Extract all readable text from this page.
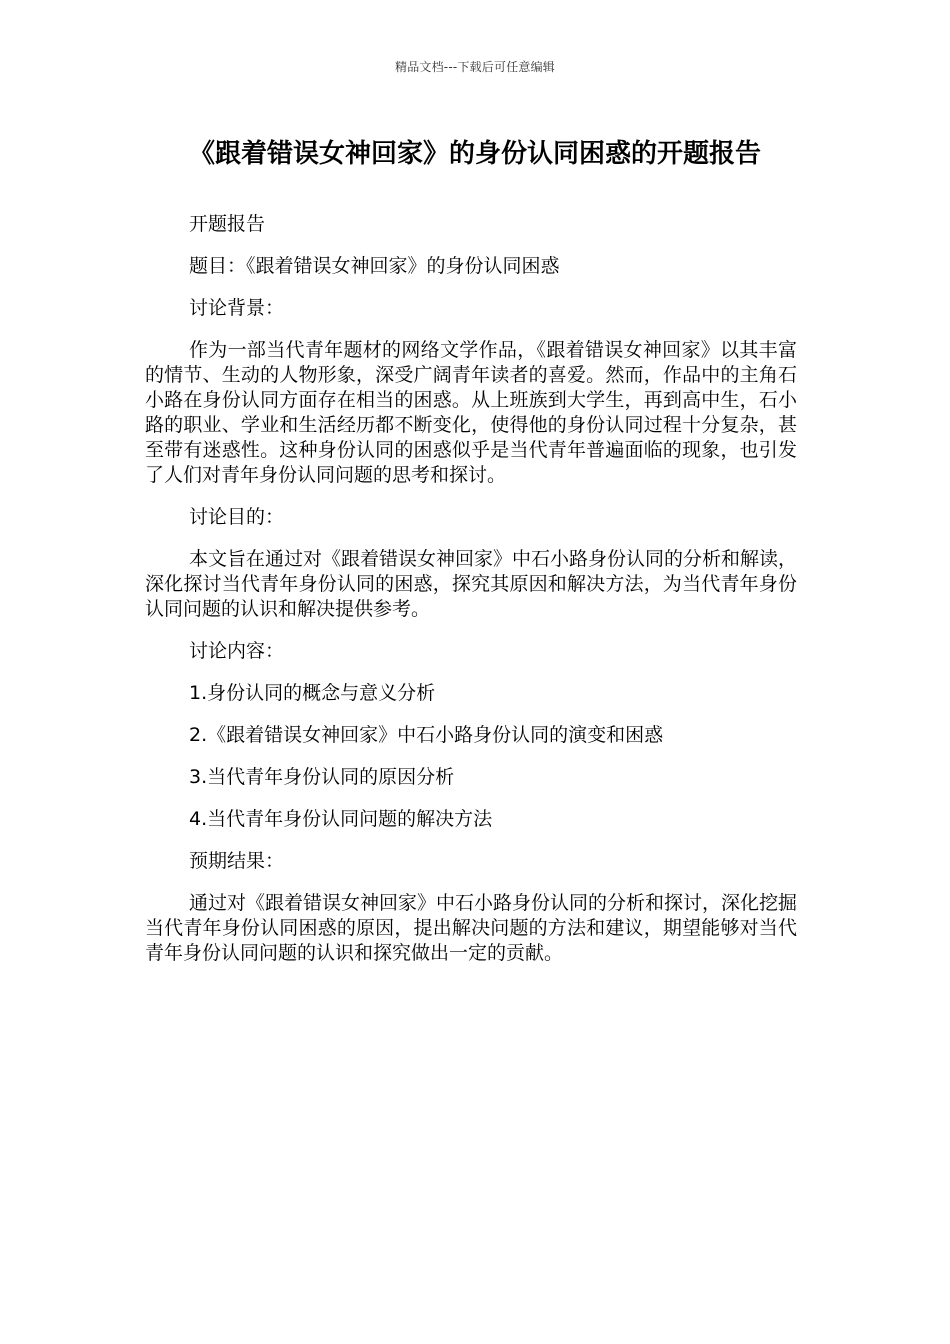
精品文档---下载后可任意编辑
《跟着错误女神回家》的身份认同困惑的开题报告

开题报告

题目：《跟着错误女神回家》的身份认同困惑

讨论背景：

作为一部当代青年题材的网络文学作品，《跟着错误女神回家》以其丰富的情节、生动的人物形象，深受广阔青年读者的喜爱。然而，作品中的主角石小路在身份认同方面存在相当的困惑。从上班族到大学生，再到高中生，石小路的职业、学业和生活经历都不断变化，使得他的身份认同过程十分复杂，甚至带有迷惑性。这种身份认同的困惑似乎是当代青年普遍面临的现象，也引发了人们对青年身份认同问题的思考和探讨。

讨论目的：

本文旨在通过对《跟着错误女神回家》中石小路身份认同的分析和解读，深化探讨当代青年身份认同的困惑，探究其原因和解决方法，为当代青年身份认同问题的认识和解决提供参考。

讨论内容：

1.身份认同的概念与意义分析

2.《跟着错误女神回家》中石小路身份认同的演变和困惑

3.当代青年身份认同的原因分析

4.当代青年身份认同问题的解决方法

预期结果：

通过对《跟着错误女神回家》中石小路身份认同的分析和探讨，深化挖掘当代青年身份认同困惑的原因，提出解决问题的方法和建议，期望能够对当代青年身份认同问题的认识和探究做出一定的贡献。
